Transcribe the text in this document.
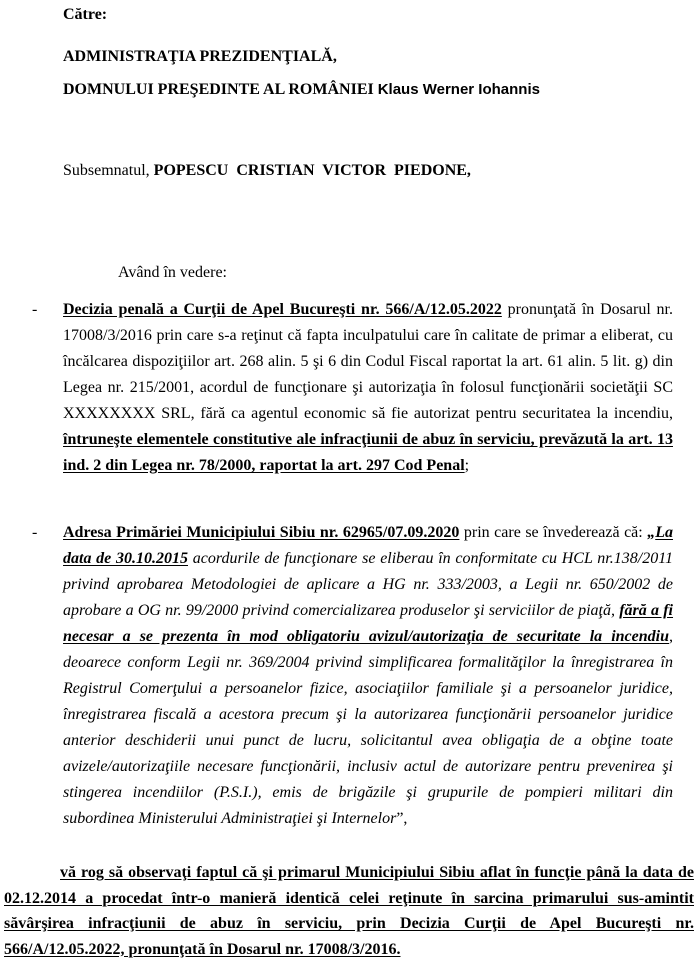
Către:
ADMINISTRAŢIA PREZIDENŢIALĂ,
DOMNULUI PREŞEDINTE AL ROMÂNIEI Klaus Werner Iohannis
Subsemnatul, POPESCU  CRISTIAN  VICTOR  PIEDONE,
Având în vedere:
- Decizia penală a Curţii de Apel Bucureşti nr. 566/A/12.05.2022 pronunţată în Dosarul nr. 17008/3/2016 prin care s-a reţinut că fapta inculpatului care în calitate de primar a eliberat, cu încălcarea dispoziţiilor art. 268 alin. 5 şi 6 din Codul Fiscal raportat la art. 61 alin. 5 lit. g) din Legea nr. 215/2001, acordul de funcţionare şi autorizaţia în folosul funcţionării societăţii SC XXXXXXXX SRL, fără ca agentul economic să fie autorizat pentru securitatea la incendiu, întruneşte elementele constitutive ale infracţiunii de abuz în serviciu, prevăzută la art. 13 ind. 2 din Legea nr. 78/2000, raportat la art. 297 Cod Penal;
- Adresa Primăriei Municipiului Sibiu nr. 62965/07.09.2020 prin care se învederează că: „La data de 30.10.2015 acordurile de funcţionare se eliberau în conformitate cu HCL nr.138/2011 privind aprobarea Metodologiei de aplicare a HG nr. 333/2003, a Legii nr. 650/2002 de aprobare a OG nr. 99/2000 privind comercializarea produselor şi serviciilor de piaţă, fără a fi necesar a se prezenta în mod obligatoriu avizul/autorizaţia de securitate la incendiu, deoarece conform Legii nr. 369/2004 privind simplificarea formalităţilor la înregistrarea în Registrul Comerţului a persoanelor fizice, asociaţiilor familiale şi a persoanelor juridice, înregistrarea fiscală a acestora precum şi la autorizarea funcţionării persoanelor juridice anterior deschiderii unui punct de lucru, solicitantul avea obligaţia de a obţine toate avizele/autorizaţiile necesare funcţionării, inclusiv actul de autorizare pentru prevenirea şi stingerea incendiilor (P.S.I.), emis de brigăzile şi grupurile de pompieri militari din subordinea Ministerului Administraţiei şi Internelor”,
vă rog să observaţi faptul că şi primarul Municipiului Sibiu aflat în funcţie până la data de 02.12.2014 a procedat într-o manieră identică celei reţinute în sarcina primarului sus-amintit săvârşirea infracţiunii de abuz în serviciu, prin Decizia Curţii de Apel Bucureşti nr. 566/A/12.05.2022, pronunţată în Dosarul nr. 17008/3/2016.
